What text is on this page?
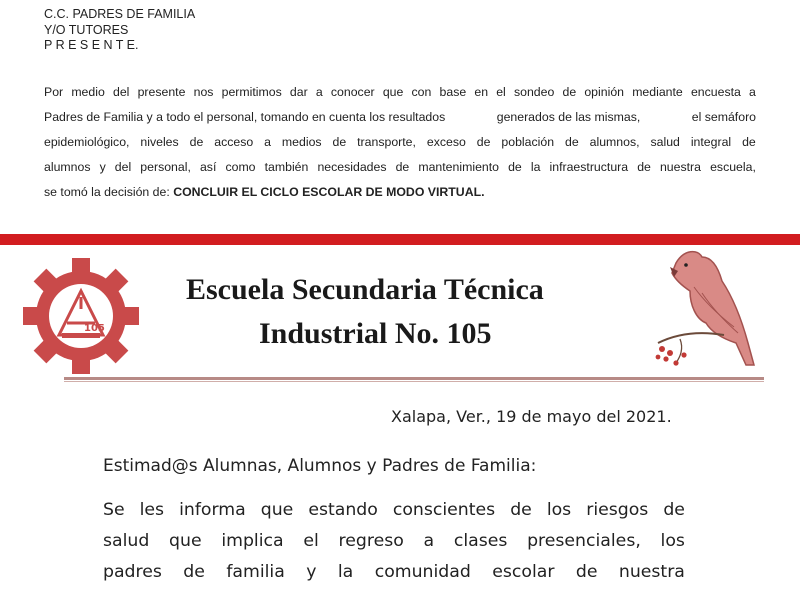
C.C. PADRES DE FAMILIA
Y/O TUTORES
P R E S E N T E.
Por medio del presente nos permitimos dar a conocer que con base en el sondeo de opinión mediante encuesta a
Padres de Familia y a todo el personal, tomando en cuenta los resultados	generados de las mismas,	el semáforo
epidemiológico, niveles de acceso a medios de transporte, exceso de población de alumnos, salud integral de
alumnos y del personal, así como también necesidades de mantenimiento de la infraestructura de nuestra escuela,
se tomó la decisión de: CONCLUIR EL CICLO ESCOLAR DE MODO VIRTUAL.
105
Escuela Secundaria Técnica
Industrial No. 105
Xalapa, Ver., 19 de mayo del 2021.
Estimad@s Alumnas, Alumnos y Padres de Familia:
Se les informa que estando conscientes de los riesgos de
salud que implica el regreso a clases presenciales, los
padres de familia y la comunidad escolar de nuestra
